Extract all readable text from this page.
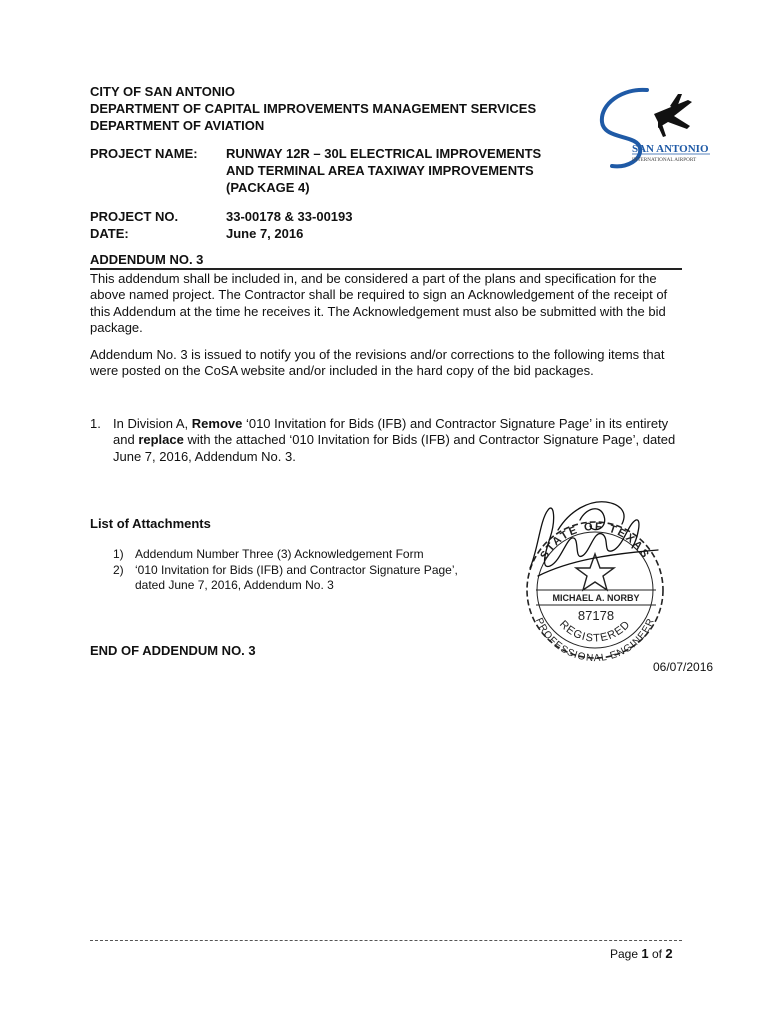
CITY OF SAN ANTONIO
DEPARTMENT OF CAPITAL IMPROVEMENTS MANAGEMENT SERVICES
DEPARTMENT OF AVIATION
SAN ANTONIO
INTERNATIONAL AIRPORT
PROJECT NAME: RUNWAY 12R – 30L ELECTRICAL IMPROVEMENTS
AND TERMINAL AREA TAXIWAY IMPROVEMENTS
(PACKAGE 4)
PROJECT NO.	33-00178 & 33-00193
DATE:	June 7, 2016
ADDENDUM NO. 3
This addendum shall be included in, and be considered a part of the plans and specification for the above named project. The Contractor shall be required to sign an Acknowledgement of the receipt of this Addendum at the time he receives it. The Acknowledgement must also be submitted with the bid package.
Addendum No. 3 is issued to notify you of the revisions and/or corrections to the following items that were posted on the CoSA website and/or included in the hard copy of the bid packages.
1. In Division A, Remove ‘010 Invitation for Bids (IFB) and Contractor Signature Page’ in its entirety and replace with the attached ‘010 Invitation for Bids (IFB) and Contractor Signature Page’, dated June 7, 2016, Addendum No. 3.
List of Attachments
1) Addendum Number Three (3) Acknowledgement Form
2) ‘010 Invitation for Bids (IFB) and Contractor Signature Page’, dated June 7, 2016, Addendum No. 3
END OF ADDENDUM NO. 3
STATE OF TEXAS
MICHAEL A. NORBY
87178
REGISTERED
PROFESSIONAL ENGINEER
06/07/2016
Page 1 of 2
